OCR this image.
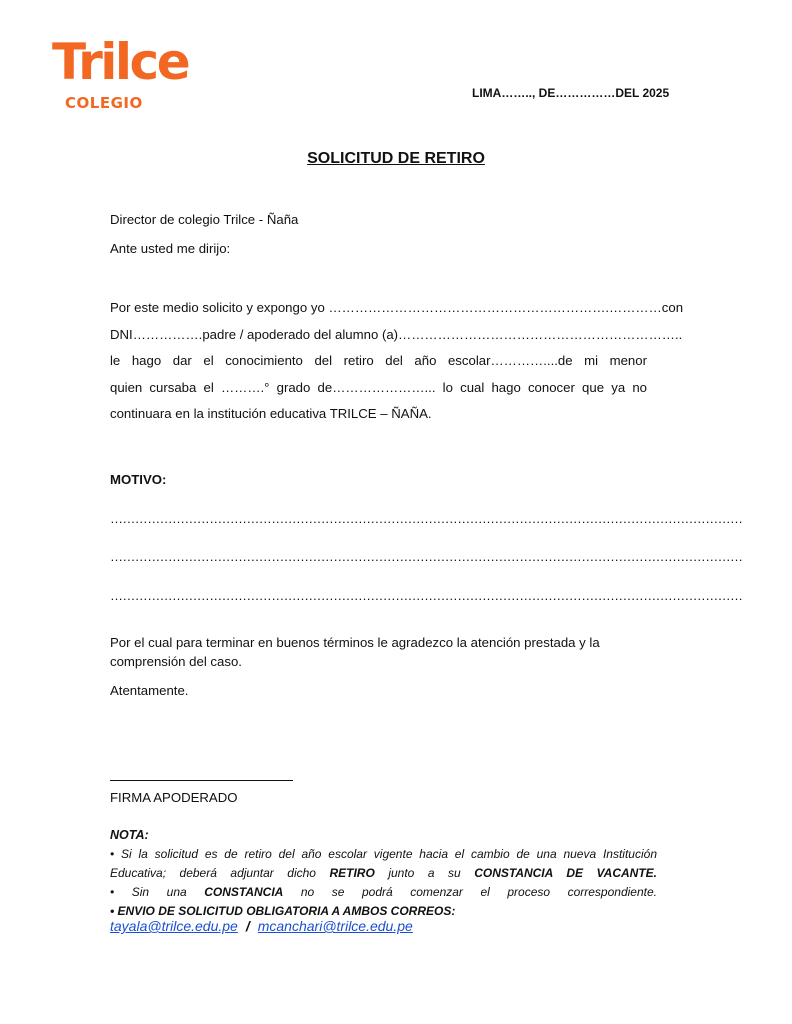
Trilce
COLEGIO
LIMA…….., DE……………DEL 2025
SOLICITUD DE RETIRO
Director de colegio Trilce - Ñaña
Ante usted me dirijo:
Por este medio solicito y expongo yo ……………………………………………………….…………con
DNI…………….padre / apoderado del alumno (a)………………………………………………………..
le hago dar el conocimiento del retiro del año escolar…………....de mi menor
quien cursaba el ……….° grado de…………………... lo cual hago conocer que ya no
continuara en la institución educativa TRILCE – ÑAÑA.
MOTIVO:
………………………………………………………………………………………………………………………………………
………………………………………………………………………………………………………………………………………
………………………………………………………………………………………………………………………………………
Por el cual para terminar en buenos términos le agradezco la atención prestada y la comprensión del caso.
Atentamente.
FIRMA APODERADO
NOTA:
• Si la solicitud es de retiro del año escolar vigente hacia el cambio de una nueva Institución
Educativa; deberá adjuntar dicho RETIRO junto a su CONSTANCIA DE VACANTE.
• Sin una CONSTANCIA no se podrá comenzar el proceso correspondiente.
• ENVIO DE SOLICITUD OBLIGATORIA A AMBOS CORREOS:
tayala@trilce.edu.pe / mcanchari@trilce.edu.pe
